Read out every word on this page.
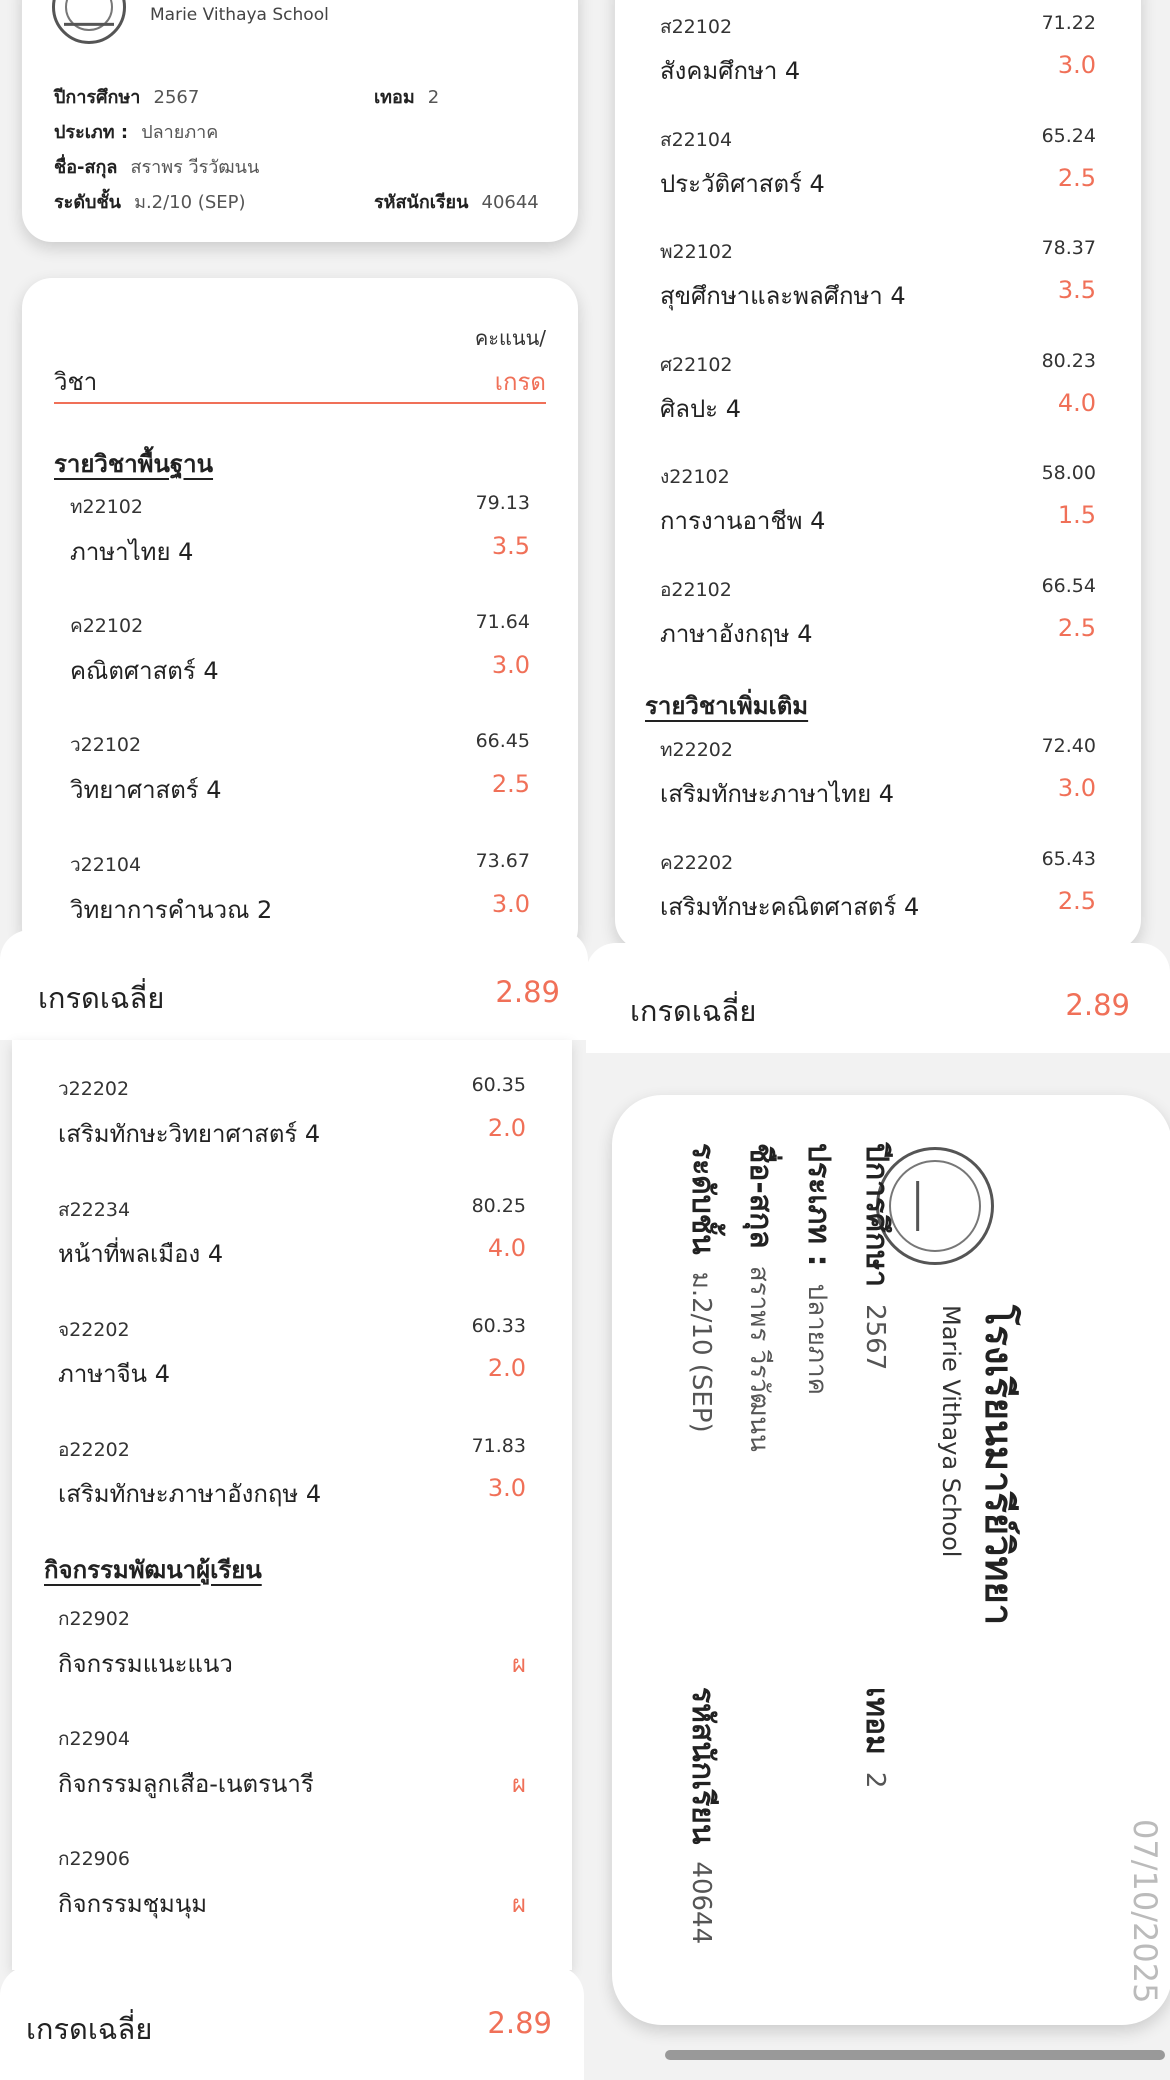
Marie Vithaya School
ปีการศึกษา 2567	เทอม 2
ประเภท : ปลายภาค
ชื่อ-สกุล สราพร วีรวัฒนน
ระดับชั้น ม.2/10 (SEP)	รหัสนักเรียน 40644
คะแนน/
วิชา	เกรด
รายวิชาพื้นฐาน
ท22102	79.13
ภาษาไทย 4	3.5
ค22102	71.64
คณิตศาสตร์ 4	3.0
ว22102	66.45
วิทยาศาสตร์ 4	2.5
ว22104	73.67
วิทยาการคำนวณ 2	3.0
เกรดเฉลี่ย	2.89
ส22102	71.22
สังคมศึกษา 4	3.0
ส22104	65.24
ประวัติศาสตร์ 4	2.5
พ22102	78.37
สุขศึกษาและพลศึกษา 4	3.5
ศ22102	80.23
ศิลปะ 4	4.0
ง22102	58.00
การงานอาชีพ 4	1.5
อ22102	66.54
ภาษาอังกฤษ 4	2.5
รายวิชาเพิ่มเติม
ท22202	72.40
เสริมทักษะภาษาไทย 4	3.0
ค22202	65.43
เสริมทักษะคณิตศาสตร์ 4	2.5
เกรดเฉลี่ย	2.89
ว22202	60.35
เสริมทักษะวิทยาศาสตร์ 4	2.0
ส22234	80.25
หน้าที่พลเมือง 4	4.0
จ22202	60.33
ภาษาจีน 4	2.0
อ22202	71.83
เสริมทักษะภาษาอังกฤษ 4	3.0
กิจกรรมพัฒนาผู้เรียน
ก22902
กิจกรรมแนะแนว	ผ
ก22904
กิจกรรมลูกเสือ-เนตรนารี	ผ
ก22906
กิจกรรมชุมนุม	ผ
เกรดเฉลี่ย	2.89
โรงเรียนมารีย์วิทยา
Marie Vithaya School
ปีการศึกษา 2567
เทอม 2
ประเภท : ปลายภาค
ชื่อ-สกุล สราพร วีรวัฒนน
ระดับชั้น ม.2/10 (SEP)
รหัสนักเรียน 40644	07/10/2025
